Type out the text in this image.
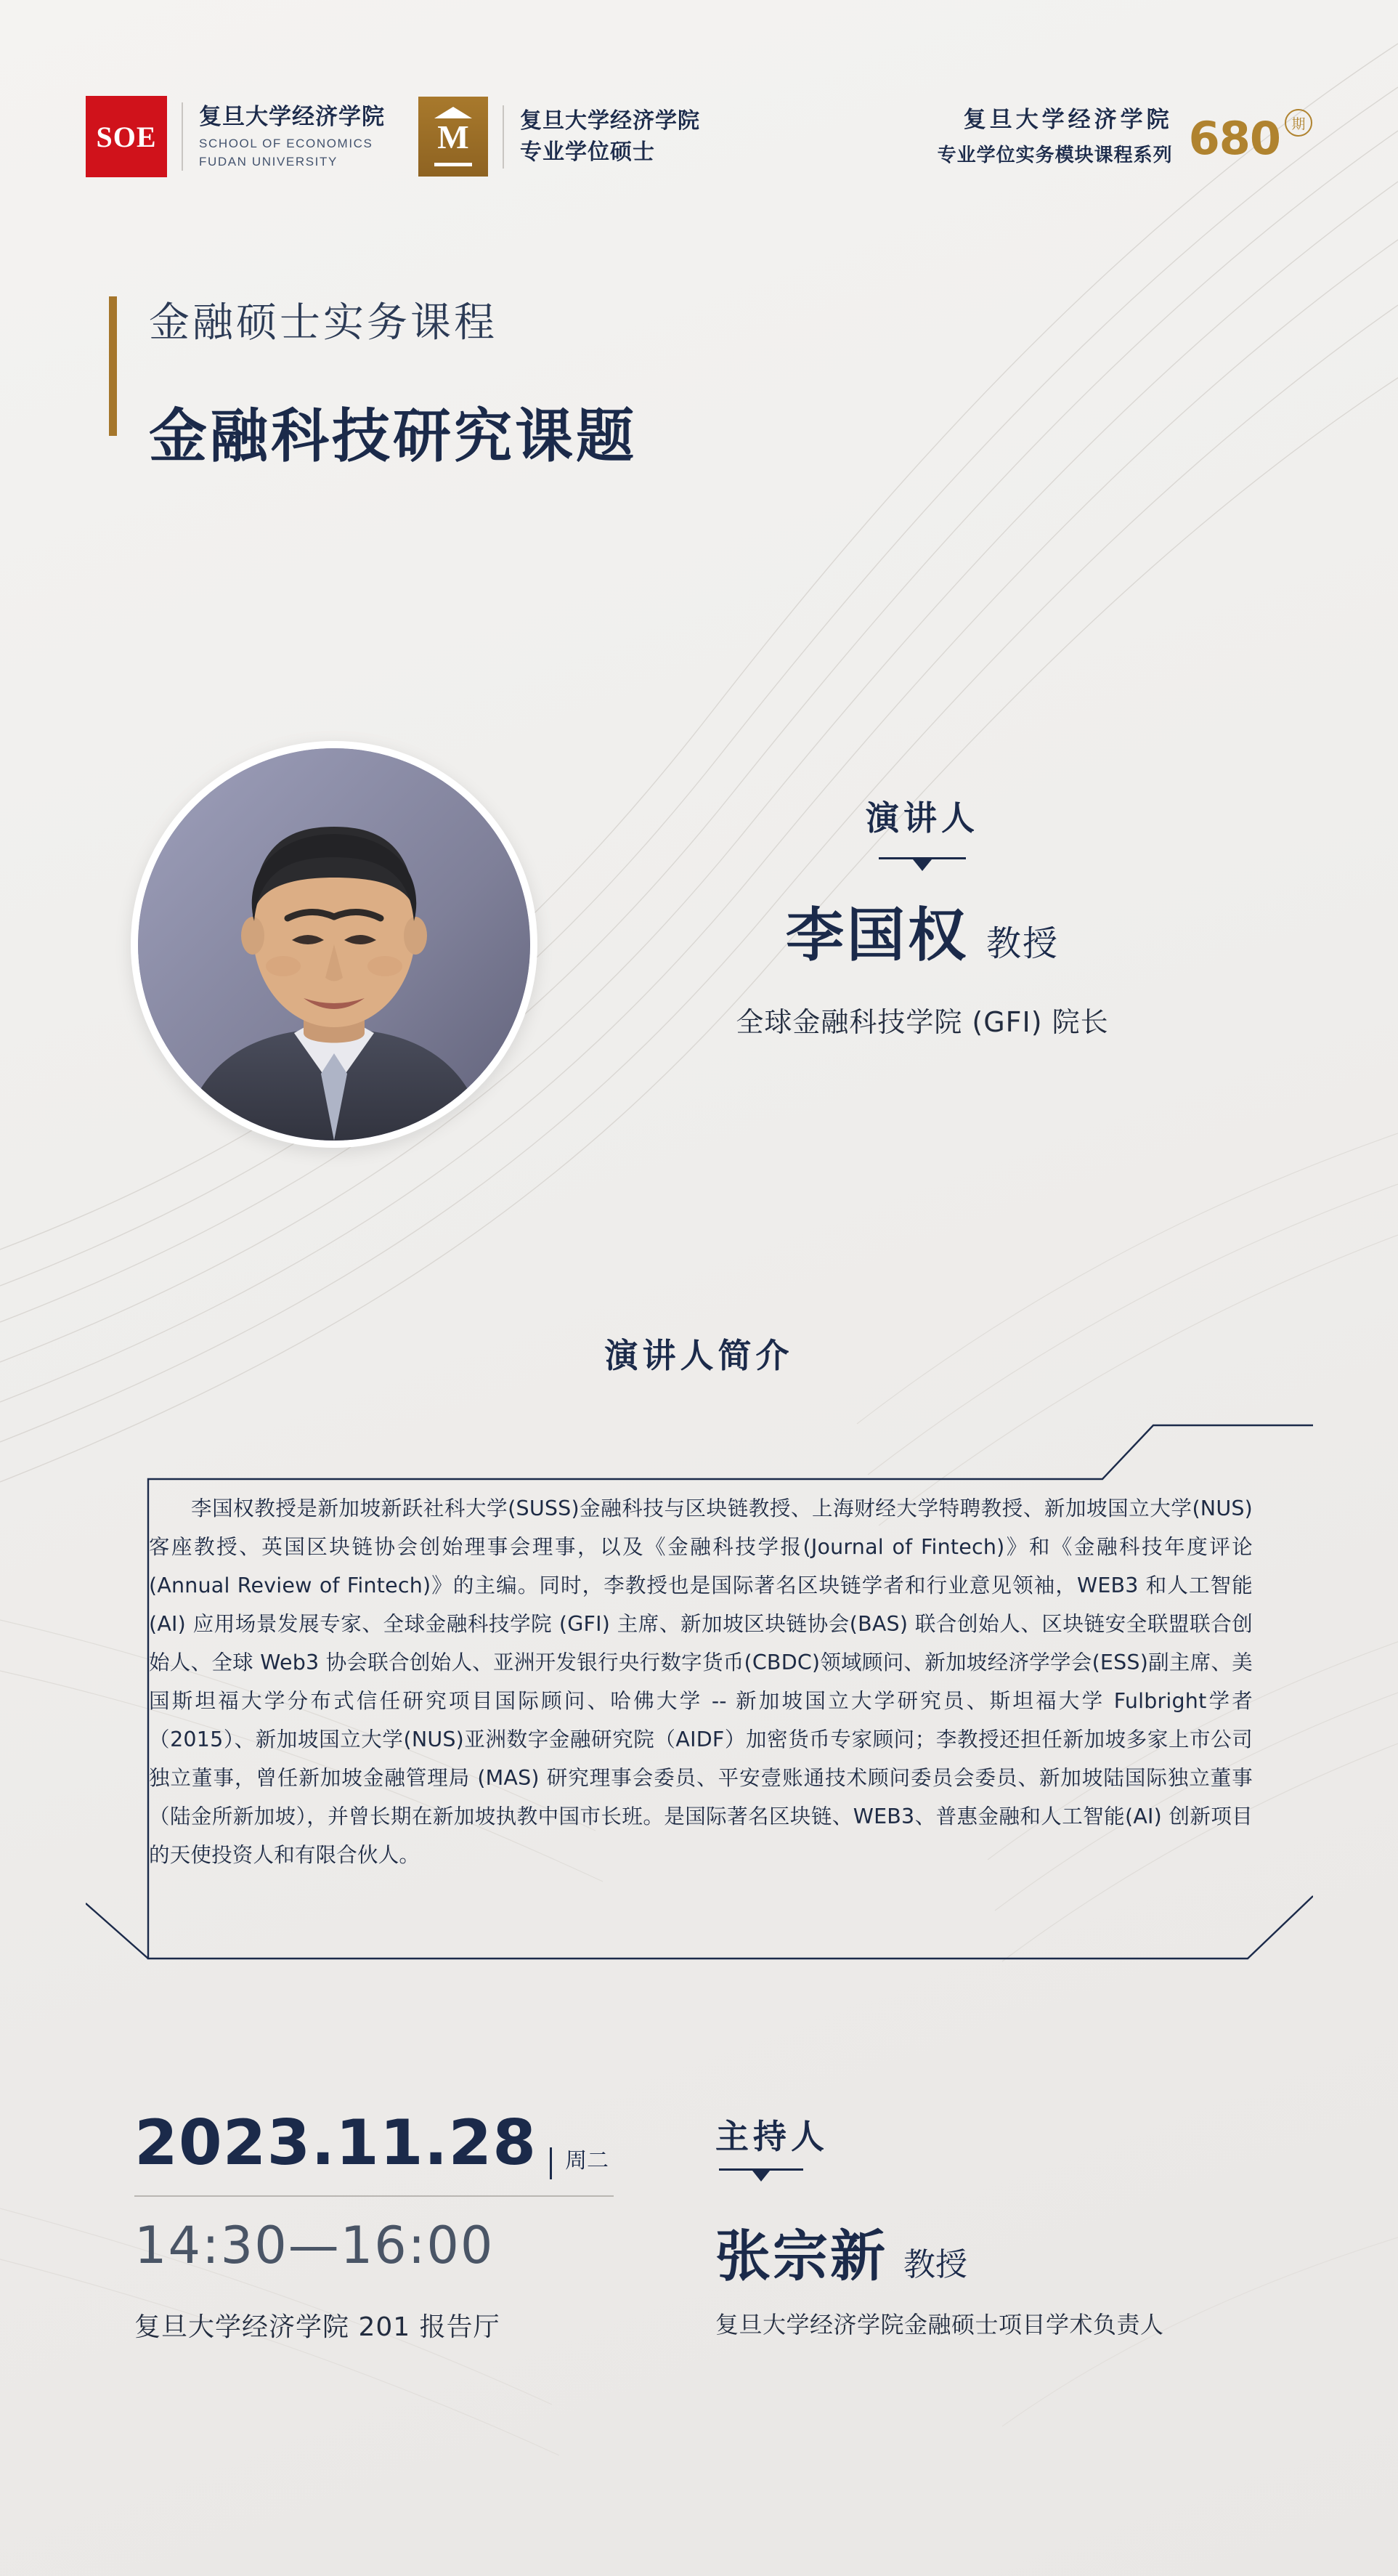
SOE
复旦大学经济学院
SCHOOL OF ECONOMICS
FUDAN UNIVERSITY
M 复旦大学经济学院
专业学位硕士
复旦大学经济学院
专业学位实务模块课程系列 680 期
金融硕士实务课程
金融科技研究课题
演讲人
李国权 教授
全球金融科技学院 (GFI) 院长
演讲人简介
李国权教授是新加坡新跃社科大学(SUSS)金融科技与区块链教授、上海财经大学特聘教授、新加坡国立大学(NUS) 客座教授、英国区块链协会创始理事会理事，以及《金融科技学报(Journal of Fintech)》和《金融科技年度评论(Annual Review of Fintech)》的主编。同时，李教授也是国际著名区块链学者和行业意见领袖，WEB3 和人工智能 (AI) 应用场景发展专家、全球金融科技学院 (GFI) 主席、新加坡区块链协会(BAS) 联合创始人、区块链安全联盟联合创始人、全球 Web3 协会联合创始人、亚洲开发银行央行数字货币(CBDC)领域顾问、新加坡经济学学会(ESS)副主席、美国斯坦福大学分布式信任研究项目国际顾问、哈佛大学 -- 新加坡国立大学研究员、斯坦福大学 Fulbright学者（2015）、新加坡国立大学(NUS)亚洲数字金融研究院（AIDF）加密货币专家顾问；李教授还担任新加坡多家上市公司独立董事，曾任新加坡金融管理局 (MAS) 研究理事会委员、平安壹账通技术顾问委员会委员、新加坡陆国际独立董事（陆金所新加坡），并曾长期在新加坡执教中国市长班。是国际著名区块链、WEB3、普惠金融和人工智能(AI) 创新项目的天使投资人和有限合伙人。
2023.11.28	周二
14:30—16:00
复旦大学经济学院 201 报告厅
主持人
张宗新 教授
复旦大学经济学院金融硕士项目学术负责人
